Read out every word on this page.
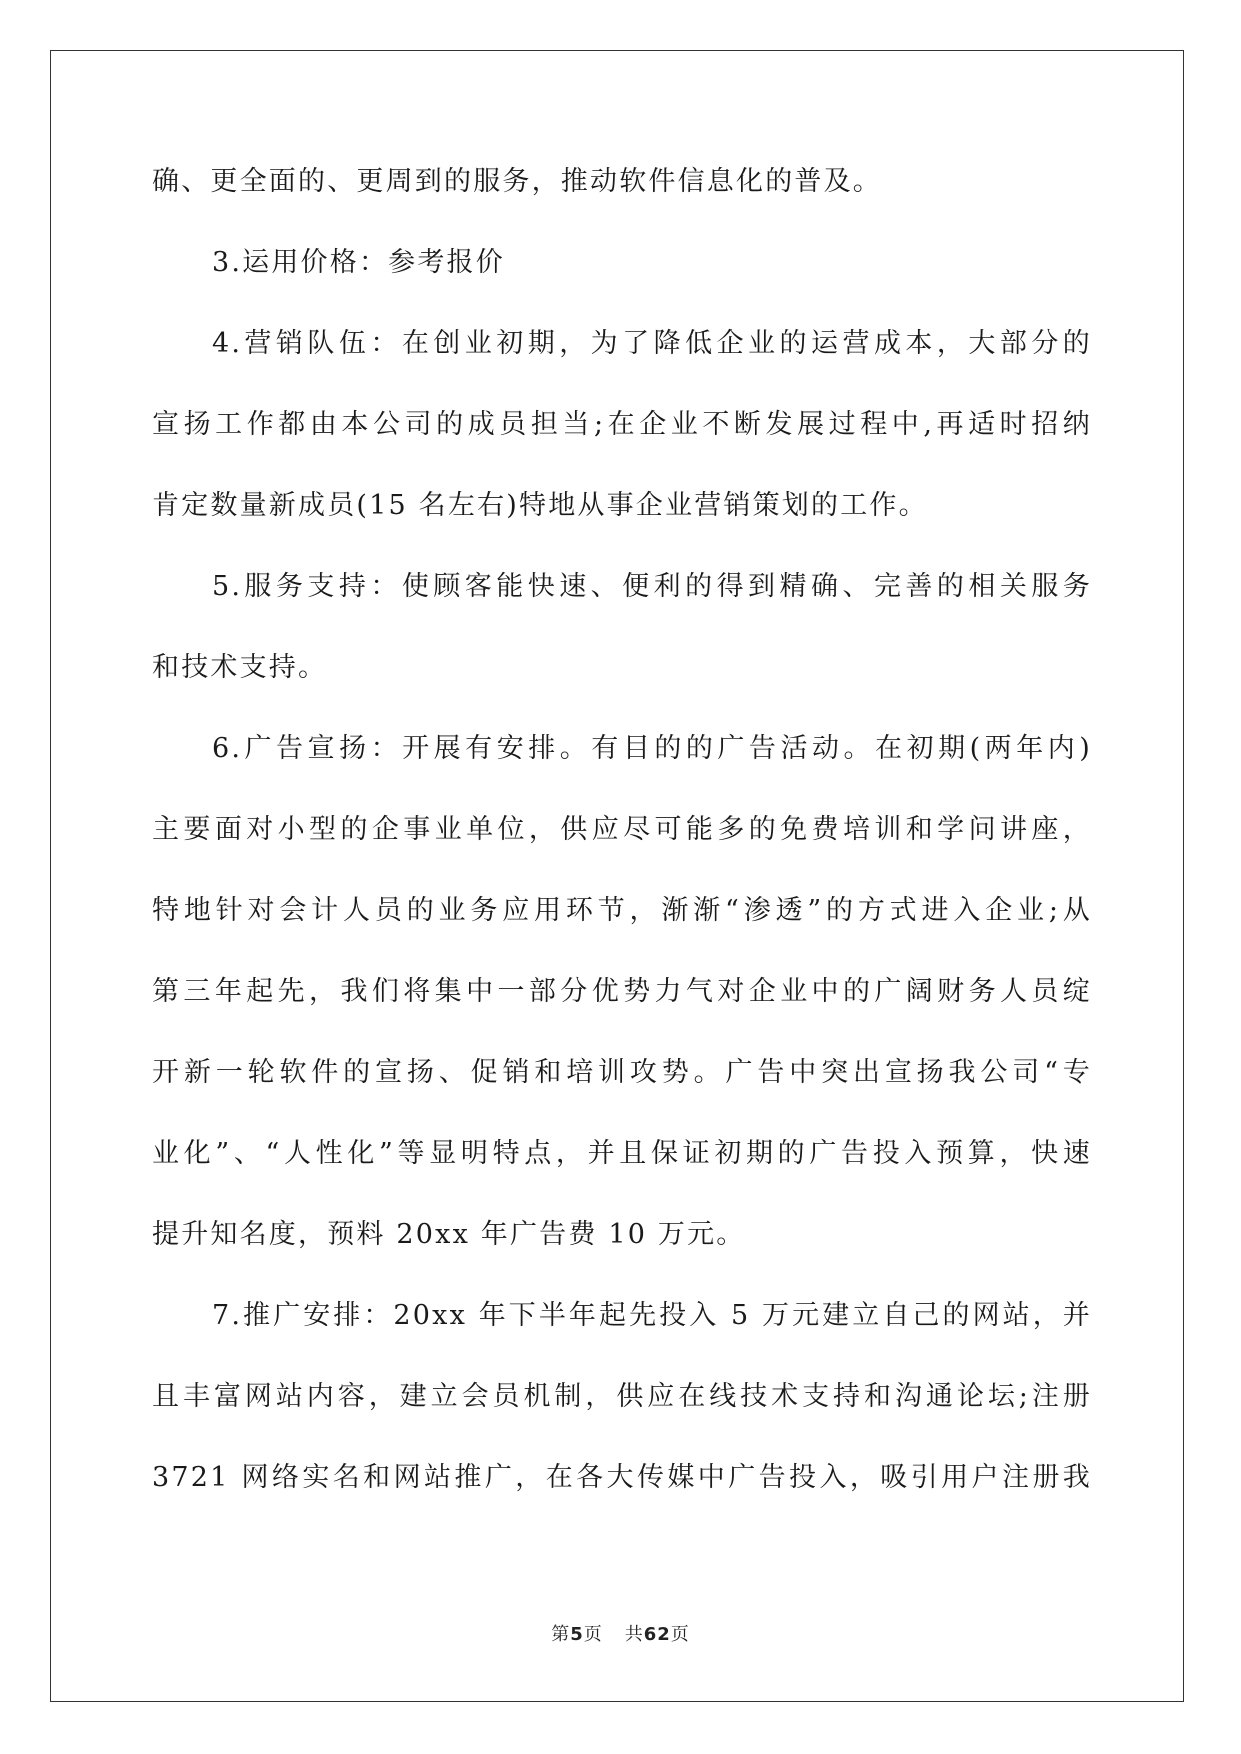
确、更全面的、更周到的服务，推动软件信息化的普及。
3.运用价格：参考报价
4.营销队伍：在创业初期，为了降低企业的运营成本，大部分的
宣扬工作都由本公司的成员担当;在企业不断发展过程中,再适时招纳
肯定数量新成员(15 名左右)特地从事企业营销策划的工作。
5.服务支持：使顾客能快速、便利的得到精确、完善的相关服务
和技术支持。
6.广告宣扬：开展有安排。有目的的广告活动。在初期(两年内)
主要面对小型的企事业单位，供应尽可能多的免费培训和学问讲座，
特地针对会计人员的业务应用环节，渐渐“渗透”的方式进入企业;从
第三年起先，我们将集中一部分优势力气对企业中的广阔财务人员绽
开新一轮软件的宣扬、促销和培训攻势。广告中突出宣扬我公司“专
业化”、“人性化”等显明特点，并且保证初期的广告投入预算，快速
提升知名度，预料 20xx 年广告费 10 万元。
7.推广安排：20xx 年下半年起先投入 5 万元建立自己的网站，并
且丰富网站内容，建立会员机制，供应在线技术支持和沟通论坛;注册
3721 网络实名和网站推广，在各大传媒中广告投入，吸引用户注册我
第5页 共62页
